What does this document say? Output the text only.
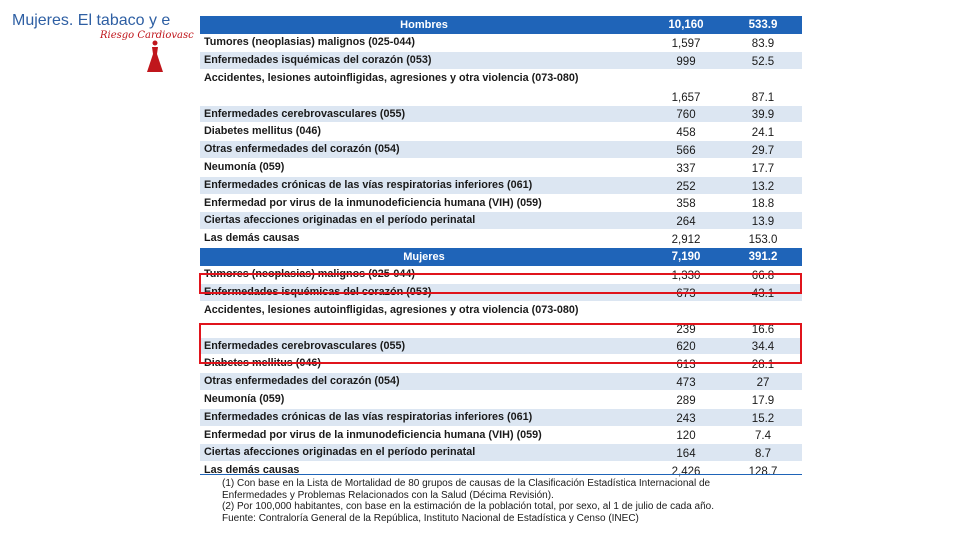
Mujeres. El tabaco y e
Riesgo Cardiovasc
Hombres	10,160	533.9
Tumores (neoplasias) malignos (025-044)	1,597	83.9
Enfermedades isquémicas del corazón (053)	999	52.5
Accidentes, lesiones autoinfligidas, agresiones y otra violencia (073-080)
1,657	87.1
Enfermedades cerebrovasculares (055)	760	39.9
Diabetes mellitus (046)	458	24.1
Otras enfermedades del corazón (054)	566	29.7
Neumonía (059)	337	17.7
Enfermedades crónicas de las vías respiratorias inferiores (061)	252	13.2
Enfermedad por virus de la inmunodeficiencia humana (VIH) (059)	358	18.8
Ciertas afecciones originadas en el período perinatal	264	13.9
Las demás causas	2,912	153.0
Mujeres	7,190	391.2
Tumores (neoplasias) malignos (025-044)	1,330	66.8
Enfermedades isquémicas del corazón (053)	673	43.1
Accidentes, lesiones autoinfligidas, agresiones y otra violencia (073-080)
239	16.6
Enfermedades cerebrovasculares (055)	620	34.4
Diabetes mellitus (046)	613	28.1
Otras enfermedades del corazón (054)	473	27
Neumonía (059)	289	17.9
Enfermedades crónicas de las vías respiratorias inferiores (061)	243	15.2
Enfermedad por virus de la inmunodeficiencia humana (VIH) (059)	120	7.4
Ciertas afecciones originadas en el período perinatal	164	8.7
Las demás causas	2,426	128.7
(1) Con base en la Lista de Mortalidad de 80 grupos de causas de la Clasificación Estadística Internacional de
Enfermedades y Problemas Relacionados con la Salud (Décima Revisión).
(2) Por 100,000 habitantes, con base en la estimación de la población total, por sexo, al 1 de julio de cada año.
Fuente: Contraloría General de la República, Instituto Nacional de Estadística y Censo (INEC)
